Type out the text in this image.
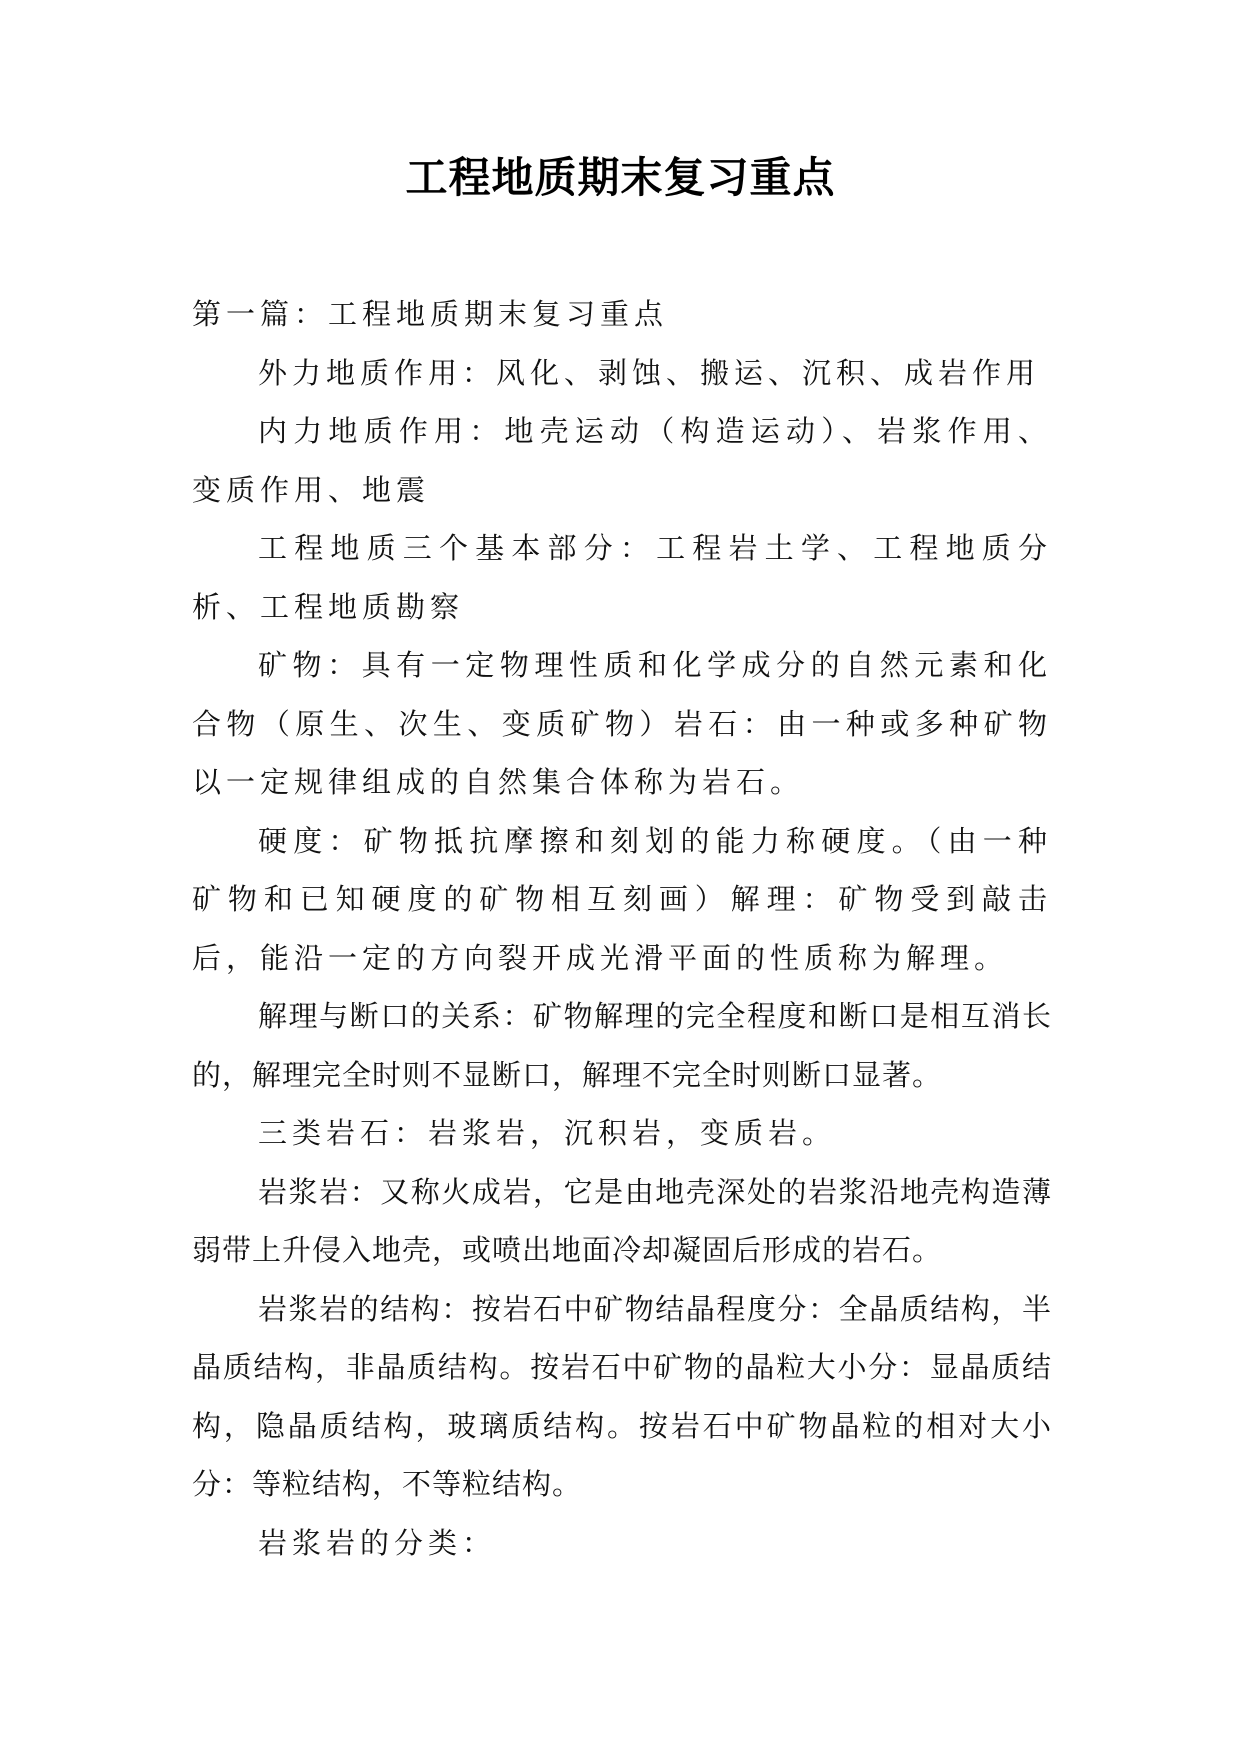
工程地质期末复习重点

第一篇：工程地质期末复习重点

外力地质作用：风化、剥蚀、搬运、沉积、成岩作用

内力地质作用：地壳运动（构造运动）、岩浆作用、变质作用、地震

工程地质三个基本部分：工程岩土学、工程地质分析、工程地质勘察

矿物：具有一定物理性质和化学成分的自然元素和化合物（原生、次生、变质矿物）岩石：由一种或多种矿物以一定规律组成的自然集合体称为岩石。

硬度：矿物抵抗摩擦和刻划的能力称硬度。（由一种矿物和已知硬度的矿物相互刻画）解理：矿物受到敲击后，能沿一定的方向裂开成光滑平面的性质称为解理。

解理与断口的关系：矿物解理的完全程度和断口是相互消长的，解理完全时则不显断口，解理不完全时则断口显著。

三类岩石：岩浆岩，沉积岩，变质岩。

岩浆岩：又称火成岩，它是由地壳深处的岩浆沿地壳构造薄弱带上升侵入地壳，或喷出地面冷却凝固后形成的岩石。

岩浆岩的结构：按岩石中矿物结晶程度分：全晶质结构，半晶质结构，非晶质结构。按岩石中矿物的晶粒大小分：显晶质结构，隐晶质结构，玻璃质结构。按岩石中矿物晶粒的相对大小分：等粒结构，不等粒结构。

岩浆岩的分类：
